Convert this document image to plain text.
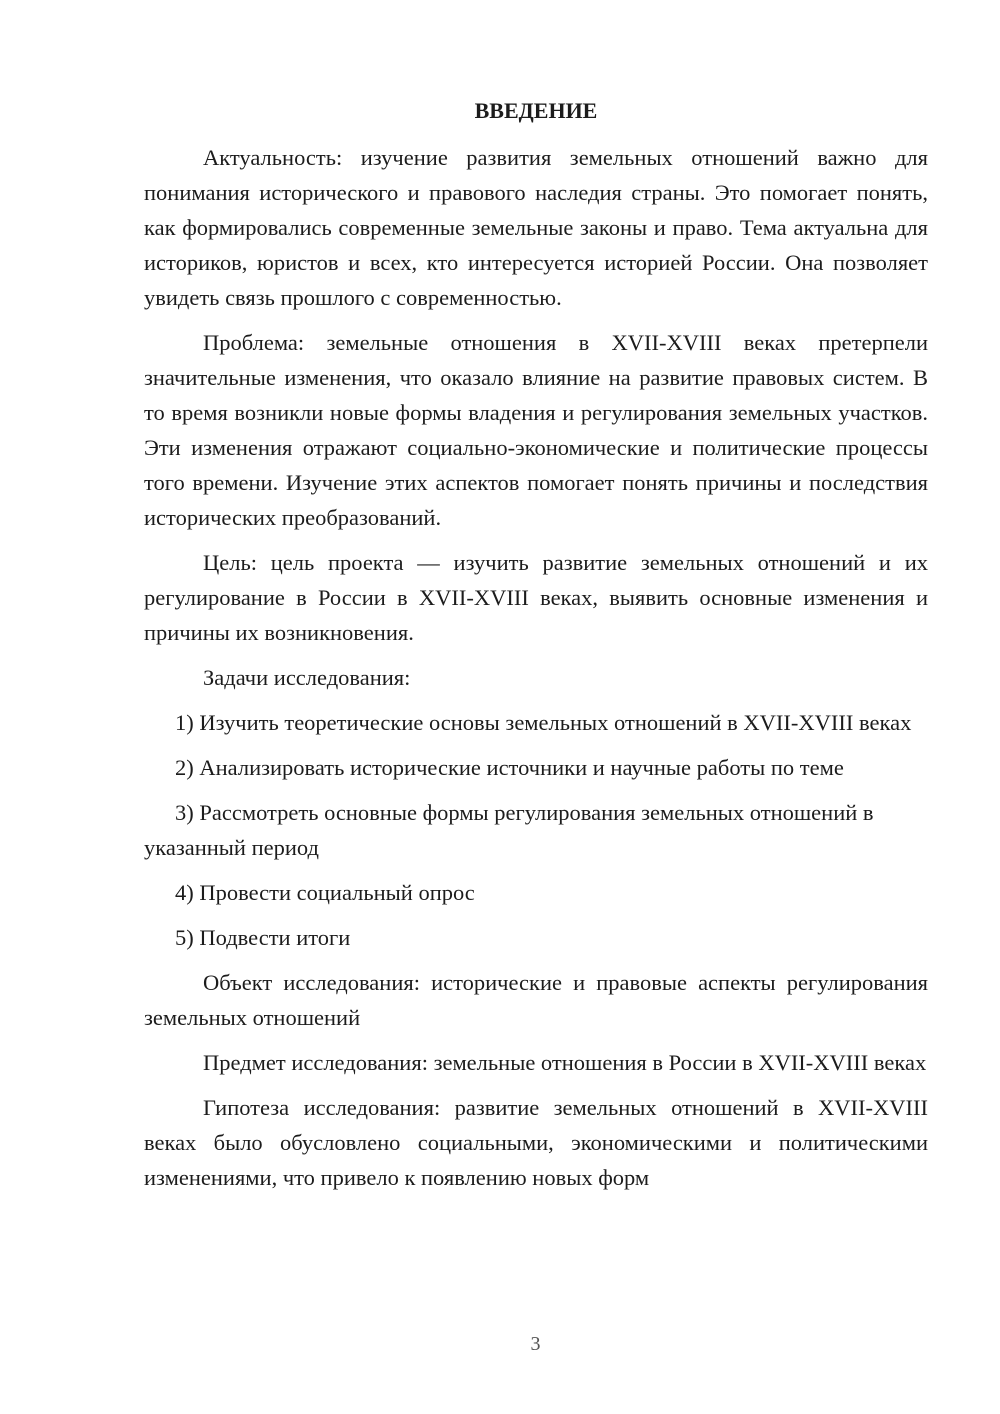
ВВЕДЕНИЕ

Актуальность: изучение развития земельных отношений важно для понимания исторического и правового наследия страны. Это помогает понять, как формировались современные земельные законы и право. Тема актуальна для историков, юристов и всех, кто интересуется историей России. Она позволяет увидеть связь прошлого с современностью.

Проблема: земельные отношения в XVII-XVIII веках претерпели значительные изменения, что оказало влияние на развитие правовых систем. В то время возникли новые формы владения и регулирования земельных участков. Эти изменения отражают социально-экономические и политические процессы того времени. Изучение этих аспектов помогает понять причины и последствия исторических преобразований.

Цель: цель проекта — изучить развитие земельных отношений и их регулирование в России в XVII-XVIII веках, выявить основные изменения и причины их возникновения.

Задачи исследования:

1) Изучить теоретические основы земельных отношений в XVII-XVIII веках

2) Анализировать исторические источники и научные работы по теме

3) Рассмотреть основные формы регулирования земельных отношений в указанный период

4) Провести социальный опрос

5) Подвести итоги

Объект исследования: исторические и правовые аспекты регулирования земельных отношений

Предмет исследования: земельные отношения в России в XVII-XVIII веках

Гипотеза исследования: развитие земельных отношений в XVII-XVIII веках было обусловлено социальными, экономическими и политическими изменениями, что привело к появлению новых форм

3
